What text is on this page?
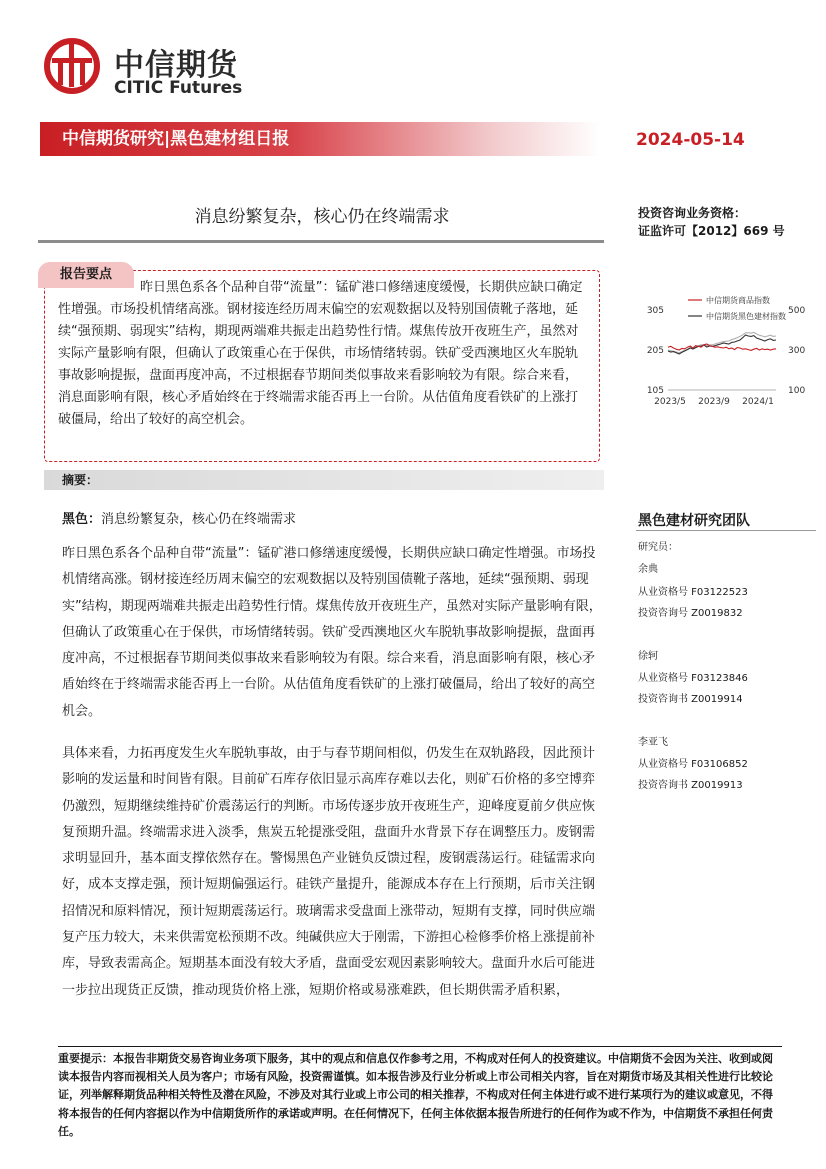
中信期货
CITIC Futures
中信期货研究|黑色建材组日报	2024-05-14
消息纷繁复杂，核心仍在终端需求	投资咨询业务资格：
证监许可【2012】669 号
报告要点
昨日黑色系各个品种自带“流量”：锰矿港口修缮速度缓慢，长期供应缺口确定性增强。市场投机情绪高涨。钢材接连经历周末偏空的宏观数据以及特别国债靴子落地，延续“强预期、弱现实”结构，期现两端难共振走出趋势性行情。煤焦传放开夜班生产，虽然对实际产量影响有限，但确认了政策重心在于保供，市场情绪转弱。铁矿受西澳地区火车脱轨事故影响提振，盘面再度冲高，不过根据春节期间类似事故来看影响较为有限。综合来看，消息面影响有限，核心矛盾始终在于终端需求能否再上一台阶。从估值角度看铁矿的上涨打破僵局，给出了较好的高空机会。
305
205
105
500
300
100
2023/5 2023/9 2024/1
中信期货商品指数
中信期货黑色建材指数
摘要：
黑色：消息纷繁复杂，核心仍在终端需求
昨日黑色系各个品种自带“流量”：锰矿港口修缮速度缓慢，长期供应缺口确定性增强。市场投机情绪高涨。钢材接连经历周末偏空的宏观数据以及特别国债靴子落地，延续“强预期、弱现实”结构，期现两端难共振走出趋势性行情。煤焦传放开夜班生产，虽然对实际产量影响有限，但确认了政策重心在于保供，市场情绪转弱。铁矿受西澳地区火车脱轨事故影响提振，盘面再度冲高，不过根据春节期间类似事故来看影响较为有限。综合来看，消息面影响有限，核心矛盾始终在于终端需求能否再上一台阶。从估值角度看铁矿的上涨打破僵局，给出了较好的高空机会。
具体来看，力拓再度发生火车脱轨事故，由于与春节期间相似，仍发生在双轨路段，因此预计影响的发运量和时间皆有限。目前矿石库存依旧显示高库存难以去化，则矿石价格的多空博弈仍激烈，短期继续维持矿价震荡运行的判断。市场传逐步放开夜班生产，迎峰度夏前夕供应恢复预期升温。终端需求进入淡季，焦炭五轮提涨受阻，盘面升水背景下存在调整压力。废钢需求明显回升，基本面支撑依然存在。警惕黑色产业链负反馈过程，废钢震荡运行。硅锰需求向好，成本支撑走强，预计短期偏强运行。硅铁产量提升，能源成本存在上行预期，后市关注钢招情况和原料情况，预计短期震荡运行。玻璃需求受盘面上涨带动，短期有支撑，同时供应端复产压力较大，未来供需宽松预期不改。纯碱供应大于刚需，下游担心检修季价格上涨提前补库，导致表需高企。短期基本面没有较大矛盾，盘面受宏观因素影响较大。盘面升水后可能进一步拉出现货正反馈，推动现货价格上涨，短期价格或易涨难跌，但长期供需矛盾积累，
黑色建材研究团队
研究员：
余典
从业资格号 F03122523
投资咨询号 Z0019832
徐轲
从业资格号 F03123846
投资咨询书 Z0019914
李亚飞
从业资格号 F03106852
投资咨询书 Z0019913
重要提示：本报告非期货交易咨询业务项下服务，其中的观点和信息仅作参考之用，不构成对任何人的投资建议。中信期货不会因为关注、收到或阅读本报告内容而视相关人员为客户；市场有风险，投资需谨慎。如本报告涉及行业分析或上市公司相关内容，旨在对期货市场及其相关性进行比较论证，列举解释期货品种相关特性及潜在风险，不涉及对其行业或上市公司的相关推荐，不构成对任何主体进行或不进行某项行为的建议或意见，不得将本报告的任何内容据以作为中信期货所作的承诺或声明。在任何情况下，任何主体依据本报告所进行的任何作为或不作为，中信期货不承担任何责任。
